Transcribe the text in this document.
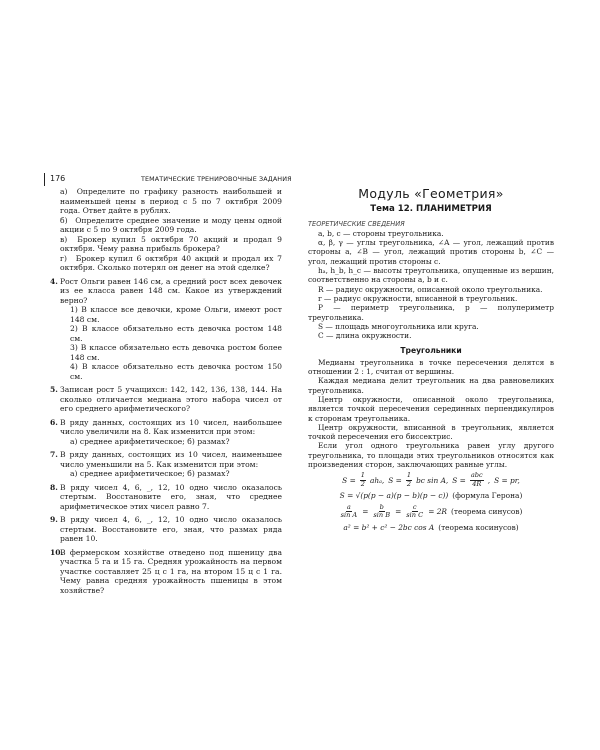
176	ТЕМАТИЧЕСКИЕ ТРЕНИРОВОЧНЫЕ ЗАДАНИЯ
а) Определите по графику разность наибольшей и наименьшей цены в период с 5 по 7 октября 2009 года. Ответ дайте в рублях.
б) Определите среднее значение и моду цены одной акции с 5 по 9 октября 2009 года.
в) Брокер купил 5 октября 70 акций и продал 9 октября. Чему равна прибыль брокера?
г) Брокер купил 6 октября 40 акций и продал их 7 октября. Сколько потерял он денег на этой сделке?
4. Рост Ольги равен 146 см, а средний рост всех девочек из ее класса равен 148 см. Какое из утверждений верно?
1) В классе все девочки, кроме Ольги, имеют рост 148 см.
2) В классе обязательно есть девочка ростом 148 см.
3) В классе обязательно есть девочка ростом более 148 см.
4) В классе обязательно есть девочка ростом 150 см.
5. Записан рост 5 учащихся: 142, 142, 136, 138, 144. На сколько отличается медиана этого набора чисел от его среднего арифметического?
6. В ряду данных, состоящих из 10 чисел, наибольшее число увеличили на 8. Как изменится при этом:
а) среднее арифметическое; б) размах?
7. В ряду данных, состоящих из 10 чисел, наименьшее число уменьшили на 5. Как изменится при этом:
а) среднее арифметическое; б) размах?
8. В ряду чисел 4, 6, _, 12, 10 одно число оказалось стертым. Восстановите его, зная, что среднее арифметическое этих чисел равно 7.
9. В ряду чисел 4, 6, _, 12, 10 одно число оказалось стертым. Восстановите его, зная, что размах ряда равен 10.
10.
В фермерском хозяйстве отведено под пшеницу два участка 5 га и 15 га. Средняя урожайность на первом участке составляет 25 ц с 1 га, на втором 15 ц с 1 га. Чему равна средняя урожайность пшеницы в этом хозяйстве?
Модуль «Геометрия»
Тема 12. ПЛАНИМЕТРИЯ
ТЕОРЕТИЧЕСКИЕ СВЕДЕНИЯ

a, b, c — стороны треугольника.

α, β, γ — углы треугольника, ∠A — угол, лежащий против стороны a, ∠B — угол, лежащий против стороны b, ∠C — угол, лежащий против стороны c.

hₐ, h_b, h_c — высоты треугольника, опущенные из вершин, соответственно на стороны a, b и c.

R — радиус окружности, описанной около треугольника.

r — радиус окружности, вписанной в треугольник.

P — периметр треугольника, p — полупериметр треугольника.

S — площадь многоугольника или круга.

C — длина окружности.

Треугольники

Медианы треугольника в точке пересечения делятся в отношении 2 : 1, считая от вершины.

Каждая медиана делит треугольник на два равновеликих треугольника.

Центр окружности, описанной около треугольника, является точкой пересечения серединных перпендикуляров к сторонам треугольника.

Центр окружности, вписанной в треугольник, является точкой пересечения его биссектрис.

Если угол одного треугольника равен углу другого треугольника, то площади этих треугольников относятся как произведения сторон, заключающих равные углы.

$S = \frac{1}{2} ah_a$, $S = \frac{1}{2}$ bc sin A, $S = \frac{\text{abc}}{4R}$ , S = pr,
S = √(p(p − a)(p − b)(p − c)) (формула Герона)
$\frac{a}{\text{sin A}} = \frac{b}{\text{sin B}} = \frac{c}{\text{sin C}} = 2R$ (теорема синусов)
a² = b² + c² − 2bc cos A (теорема косинусов)
